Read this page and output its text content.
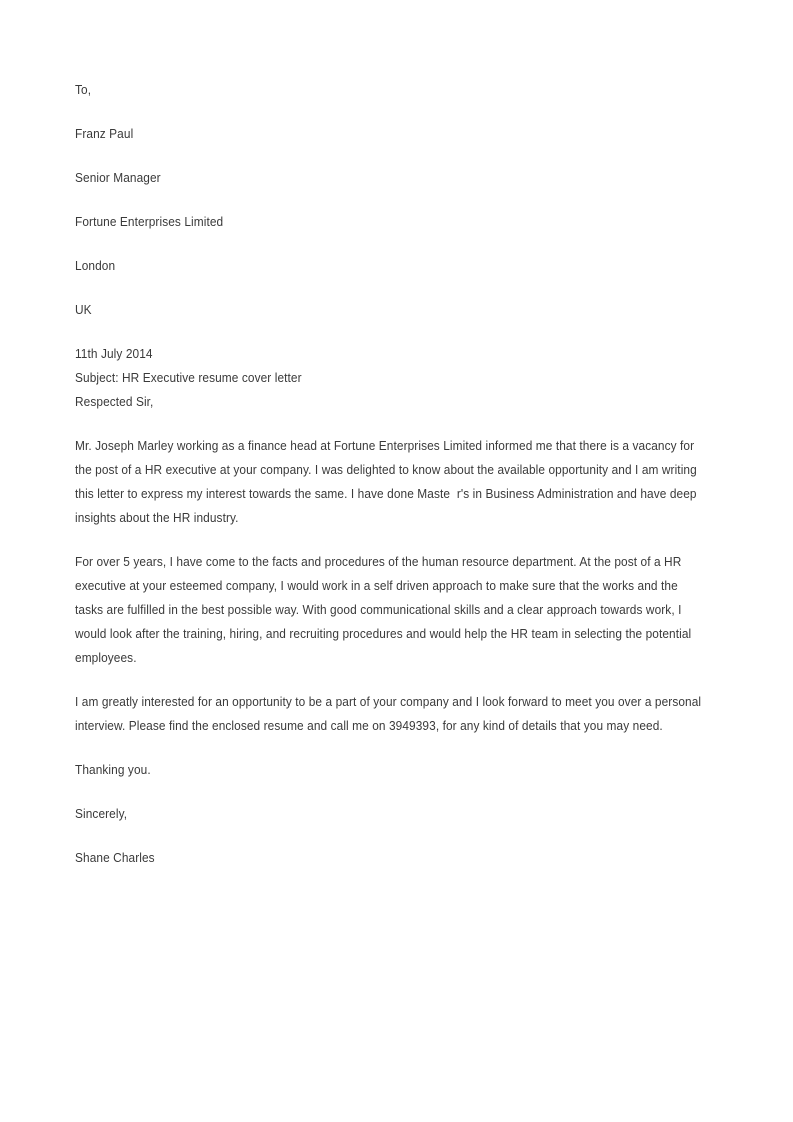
To,

Franz Paul

Senior Manager

Fortune Enterprises Limited

London

UK

11th July 2014

Subject: HR Executive resume cover letter

Respected Sir,

Mr. Joseph Marley working as a finance head at Fortune Enterprises Limited informed me that there is a vacancy for the post of a HR executive at your company. I was delighted to know about the available opportunity and I am writing this letter to express my interest towards the same. I have done Maste  r's in Business Administration and have deep insights about the HR industry.

For over 5 years, I have come to the facts and procedures of the human resource department. At the post of a HR executive at your esteemed company, I would work in a self driven approach to make sure that the works and the tasks are fulfilled in the best possible way. With good communicational skills and a clear approach towards work, I would look after the training, hiring, and recruiting procedures and would help the HR team in selecting the potential employees.

I am greatly interested for an opportunity to be a part of your company and I look forward to meet you over a personal interview. Please find the enclosed resume and call me on 3949393, for any kind of details that you may need.

Thanking you.

Sincerely,

Shane Charles
